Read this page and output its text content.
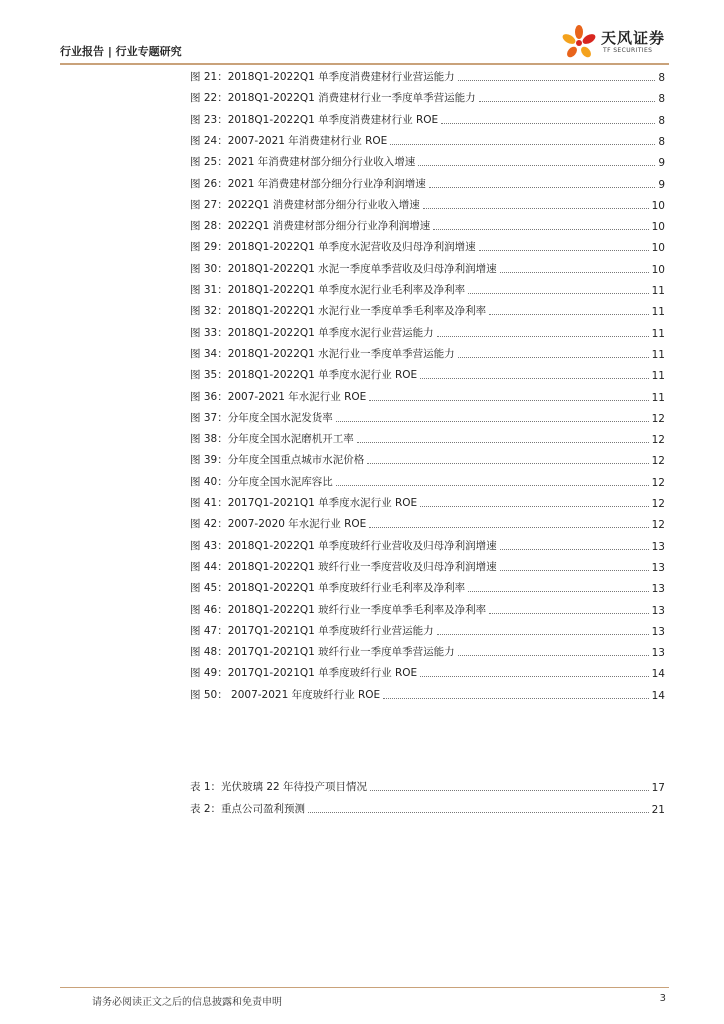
行业报告 | 行业专题研究
天风证券
TF SECURITIES
图 21：2018Q1-2022Q1 单季度消费建材行业营运能力	8
图 22：2018Q1-2022Q1 消费建材行业一季度单季营运能力	8
图 23：2018Q1-2022Q1 单季度消费建材行业 ROE	8
图 24：2007-2021 年消费建材行业 ROE	8
图 25：2021 年消费建材部分细分行业收入增速	9
图 26：2021 年消费建材部分细分行业净利润增速	9
图 27：2022Q1 消费建材部分细分行业收入增速	10
图 28：2022Q1 消费建材部分细分行业净利润增速	10
图 29：2018Q1-2022Q1 单季度水泥营收及归母净利润增速	10
图 30：2018Q1-2022Q1 水泥一季度单季营收及归母净利润增速	10
图 31：2018Q1-2022Q1 单季度水泥行业毛利率及净利率	11
图 32：2018Q1-2022Q1 水泥行业一季度单季毛利率及净利率	11
图 33：2018Q1-2022Q1 单季度水泥行业营运能力	11
图 34：2018Q1-2022Q1 水泥行业一季度单季营运能力	11
图 35：2018Q1-2022Q1 单季度水泥行业 ROE	11
图 36：2007-2021 年水泥行业 ROE	11
图 37：分年度全国水泥发货率	12
图 38：分年度全国水泥磨机开工率	12
图 39：分年度全国重点城市水泥价格	12
图 40：分年度全国水泥库容比	12
图 41：2017Q1-2021Q1 单季度水泥行业 ROE	12
图 42：2007-2020 年水泥行业 ROE	12
图 43：2018Q1-2022Q1 单季度玻纤行业营收及归母净利润增速	13
图 44：2018Q1-2022Q1 玻纤行业一季度营收及归母净利润增速	13
图 45：2018Q1-2022Q1 单季度玻纤行业毛利率及净利率	13
图 46：2018Q1-2022Q1 玻纤行业一季度单季毛利率及净利率	13
图 47：2017Q1-2021Q1 单季度玻纤行业营运能力	13
图 48：2017Q1-2021Q1 玻纤行业一季度单季营运能力	13
图 49：2017Q1-2021Q1 单季度玻纤行业 ROE	14
图 50： 2007-2021 年度玻纤行业 ROE	14
表 1：光伏玻璃 22 年待投产项目情况	17
表 2：重点公司盈利预测	21
请务必阅读正文之后的信息披露和免责申明	3
